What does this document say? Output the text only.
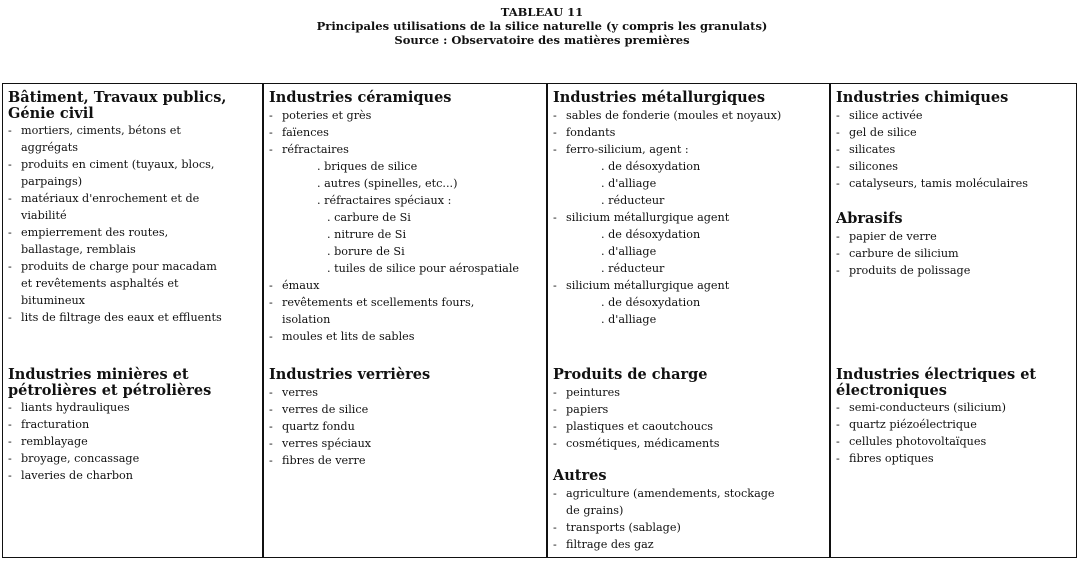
TABLEAU 11
Principales utilisations de la silice naturelle (y compris les granulats)
Source : Observatoire des matières premières
Bâtiment, Travaux publics, Génie civil
- mortiers, ciments, bétons et
aggrégats
- produits en ciment (tuyaux, blocs,
parpaings)
- matériaux d'enrochement et de
viabilité
- empierrement des routes,
ballastage, remblais
- produits de charge pour macadam
et revêtements asphaltés et
bitumineux
- lits de filtrage des eaux et effluents
Industries minières et pétrolières et pétrolières
- liants hydrauliques
- fracturation
- remblayage
- broyage, concassage
- laveries de charbon
Industries céramiques
- poteries et grès
- faïences
- réfractaires
. briques de silice
. autres (spinelles, etc...)
. réfractaires spéciaux :
. carbure de Si
. nitrure de Si
. borure de Si
. tuiles de silice pour aérospatiale
- émaux
- revêtements et scellements fours,
isolation
- moules et lits de sables
Industries verrières
- verres
- verres de silice
- quartz fondu
- verres spéciaux
- fibres de verre
Industries métallurgiques
- sables de fonderie (moules et noyaux)
- fondants
- ferro-silicium, agent :
. de désoxydation
. d'alliage
. réducteur
- silicium métallurgique agent
. de désoxydation
. d'alliage
. réducteur
- silicium métallurgique agent
. de désoxydation
. d'alliage
Produits de charge
- peintures
- papiers
- plastiques et caoutchoucs
- cosmétiques, médicaments
Autres
- agriculture (amendements, stockage
de grains)
- transports (sablage)
- filtrage des gaz
Industries chimiques
- silice activée
- gel de silice
- silicates
- silicones
- catalyseurs, tamis moléculaires
Abrasifs
- papier de verre
- carbure de silicium
- produits de polissage
Industries électriques et électroniques
- semi-conducteurs (silicium)
- quartz piézoélectrique
- cellules photovoltaïques
- fibres optiques
